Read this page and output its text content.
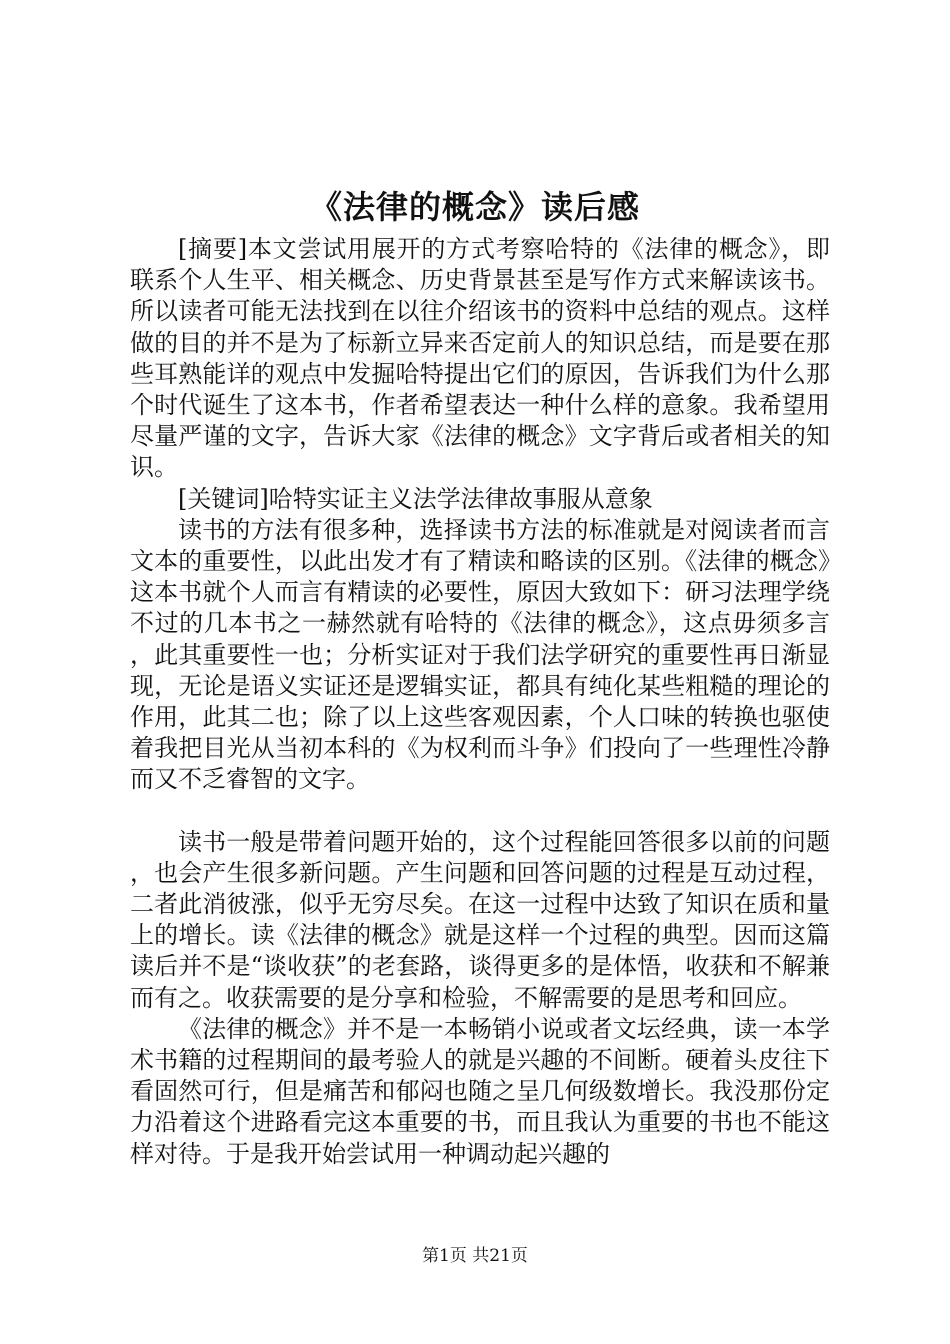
《法律的概念》读后感

[摘要]本文尝试用展开的方式考察哈特的《法律的概念》，即联系个人生平、相关概念、历史背景甚至是写作方式来解读该书。所以读者可能无法找到在以往介绍该书的资料中总结的观点。这样做的目的并不是为了标新立异来否定前人的知识总结，而是要在那些耳熟能详的观点中发掘哈特提出它们的原因，告诉我们为什么那个时代诞生了这本书，作者希望表达一种什么样的意象。我希望用尽量严谨的文字，告诉大家《法律的概念》文字背后或者相关的知识。

[关键词]哈特实证主义法学法律故事服从意象

读书的方法有很多种，选择读书方法的标准就是对阅读者而言文本的重要性，以此出发才有了精读和略读的区别。《法律的概念》这本书就个人而言有精读的必要性，原因大致如下：研习法理学绕不过的几本书之一赫然就有哈特的《法律的概念》，这点毋须多言，此其重要性一也；分析实证对于我们法学研究的重要性再日渐显现，无论是语义实证还是逻辑实证，都具有纯化某些粗糙的理论的作用，此其二也；除了以上这些客观因素，个人口味的转换也驱使着我把目光从当初本科的《为权利而斗争》们投向了一些理性冷静而又不乏睿智的文字。

读书一般是带着问题开始的，这个过程能回答很多以前的问题，也会产生很多新问题。产生问题和回答问题的过程是互动过程，二者此消彼涨，似乎无穷尽矣。在这一过程中达致了知识在质和量上的增长。读《法律的概念》就是这样一个过程的典型。因而这篇读后并不是“谈收获”的老套路，谈得更多的是体悟，收获和不解兼而有之。收获需要的是分享和检验，不解需要的是思考和回应。

《法律的概念》并不是一本畅销小说或者文坛经典，读一本学术书籍的过程期间的最考验人的就是兴趣的不间断。硬着头皮往下看固然可行，但是痛苦和郁闷也随之呈几何级数增长。我没那份定力沿着这个进路看完这本重要的书，而且我认为重要的书也不能这样对待。于是我开始尝试用一种调动起兴趣的

第1页 共21页
